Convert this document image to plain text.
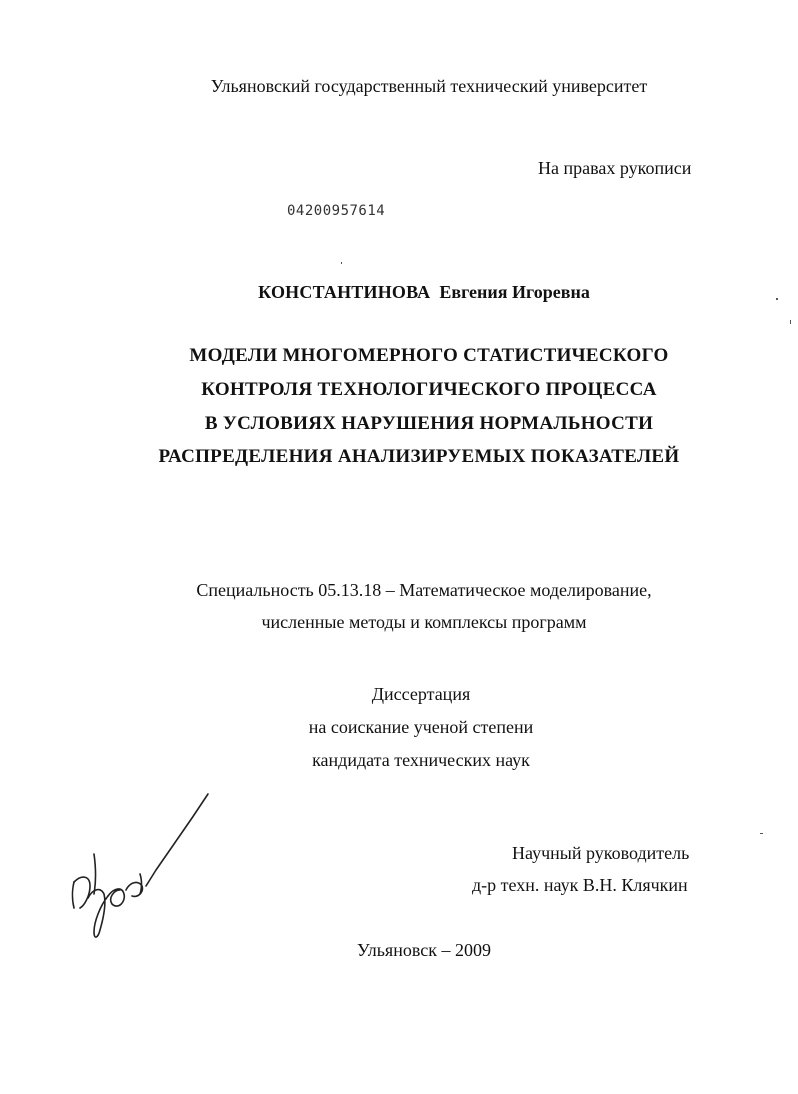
Ульяновский государственный технический университет
На правах рукописи
04200957614
КОНСТАНТИНОВА Евгения Игоревна
МОДЕЛИ МНОГОМЕРНОГО СТАТИСТИЧЕСКОГО
КОНТРОЛЯ ТЕХНОЛОГИЧЕСКОГО ПРОЦЕССА
В УСЛОВИЯХ НАРУШЕНИЯ НОРМАЛЬНОСТИ
РАСПРЕДЕЛЕНИЯ АНАЛИЗИРУЕМЫХ ПОКАЗАТЕЛЕЙ
Специальность 05.13.18 – Математическое моделирование,
численные методы и комплексы программ
Диссертация
на соискание ученой степени
кандидата технических наук
Научный руководитель
д-р техн. наук В.Н. Клячкин
Ульяновск – 2009
